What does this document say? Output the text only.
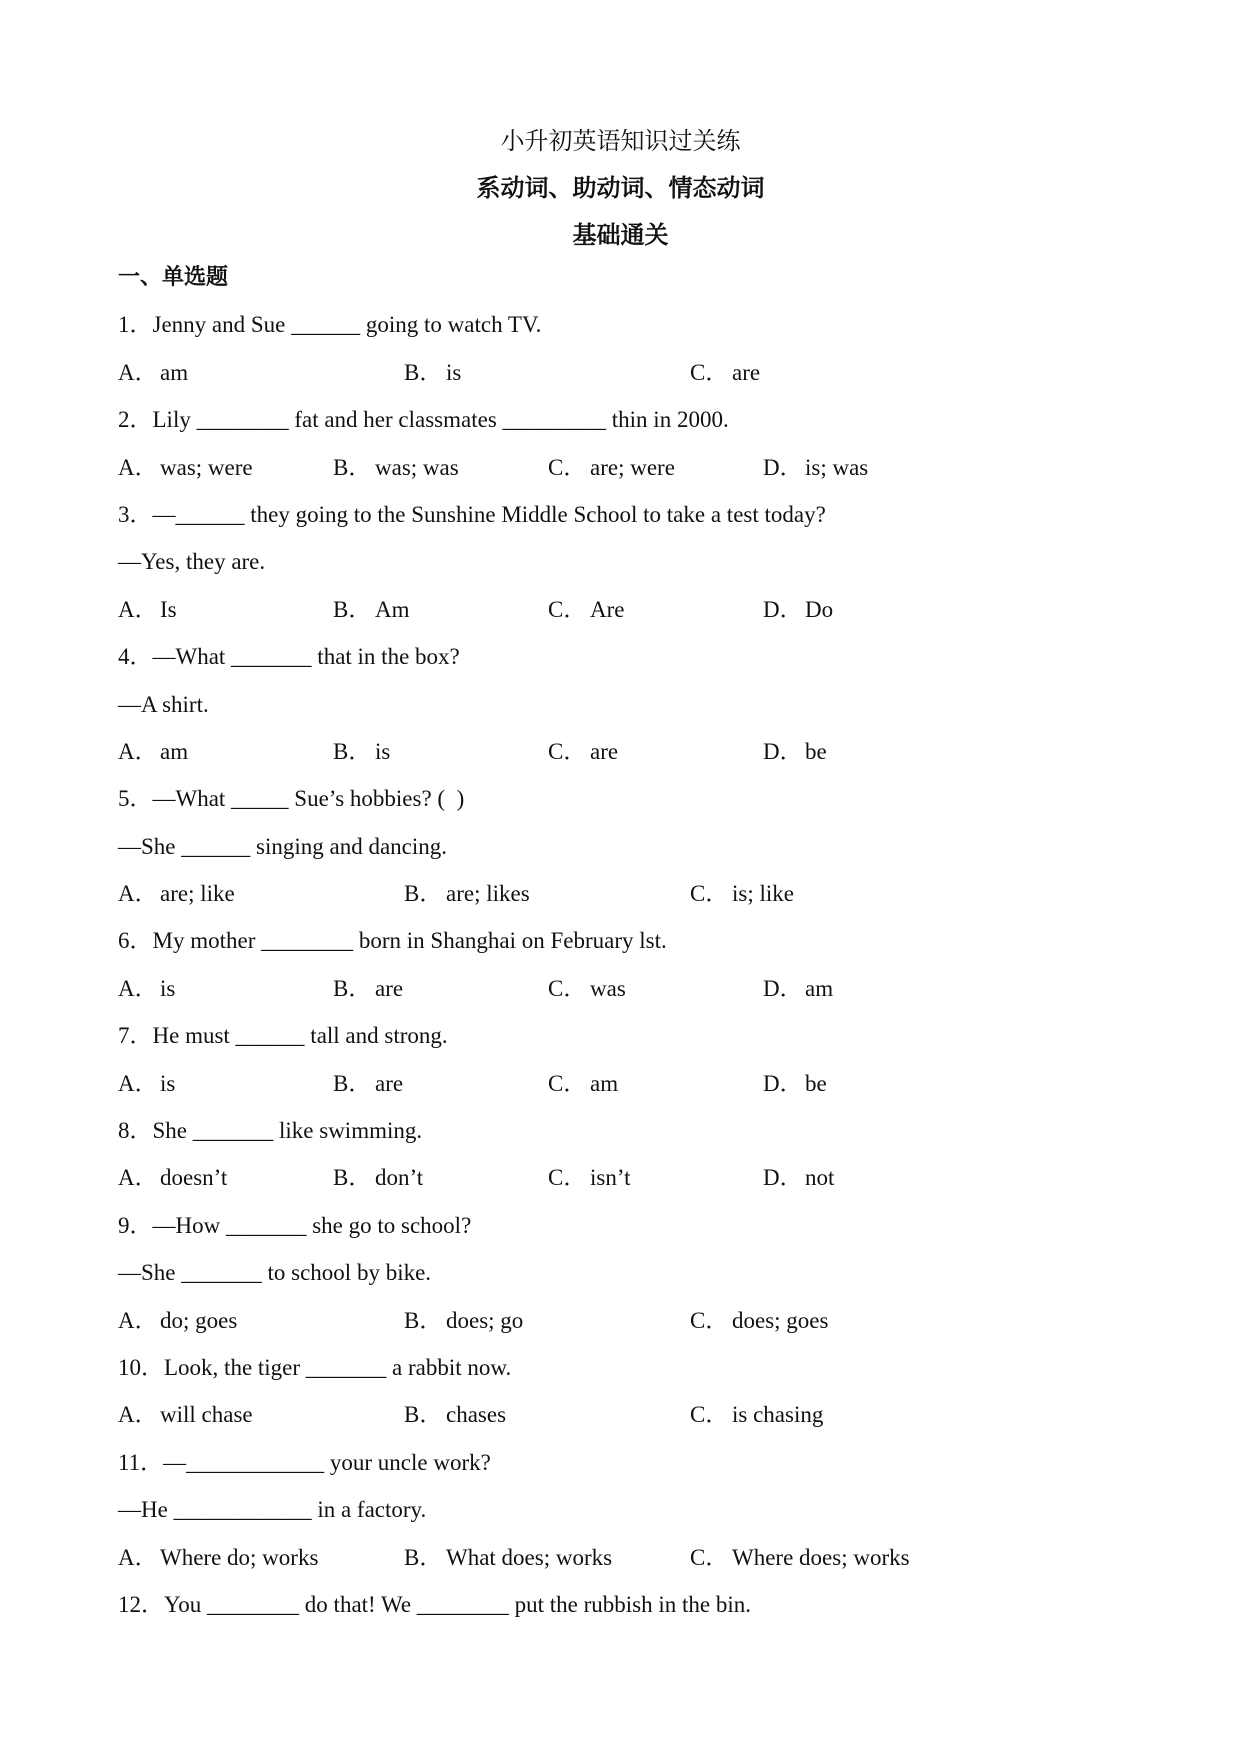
小升初英语知识过关练
系动词、助动词、情态动词
基础通关
一、单选题
1．Jenny and Sue ______ going to watch TV.
A． am	B． is	C． are
2．Lily ________ fat and her classmates _________ thin in 2000.
A． was; were	B． was; was	C． are; were	D． is; was
3．—______ they going to the Sunshine Middle School to take a test today?
—Yes, they are.
A． Is	B． Am	C． Are	D． Do
4．—What _______ that in the box?
—A shirt.
A． am	B． is	C． are	D． be
5．—What _____ Sue’s hobbies? (  )
—She ______ singing and dancing.
A． are; like	B． are; likes	C． is; like
6．My mother ________ born in Shanghai on February lst.
A． is	B． are	C． was	D． am
7．He must ______ tall and strong.
A． is	B． are	C． am	D． be
8．She _______ like swimming.
A． doesn’t	B． don’t	C． isn’t	D． not
9．—How _______ she go to school?
—She _______ to school by bike.
A． do; goes	B． does; go	C． does; goes
10．Look, the tiger _______ a rabbit now.
A． will chase	B． chases	C． is chasing
11．—____________ your uncle work?
—He ____________ in a factory.
A． Where do; works	B． What does; works	C． Where does; works
12．You ________ do that! We ________ put the rubbish in the bin.
